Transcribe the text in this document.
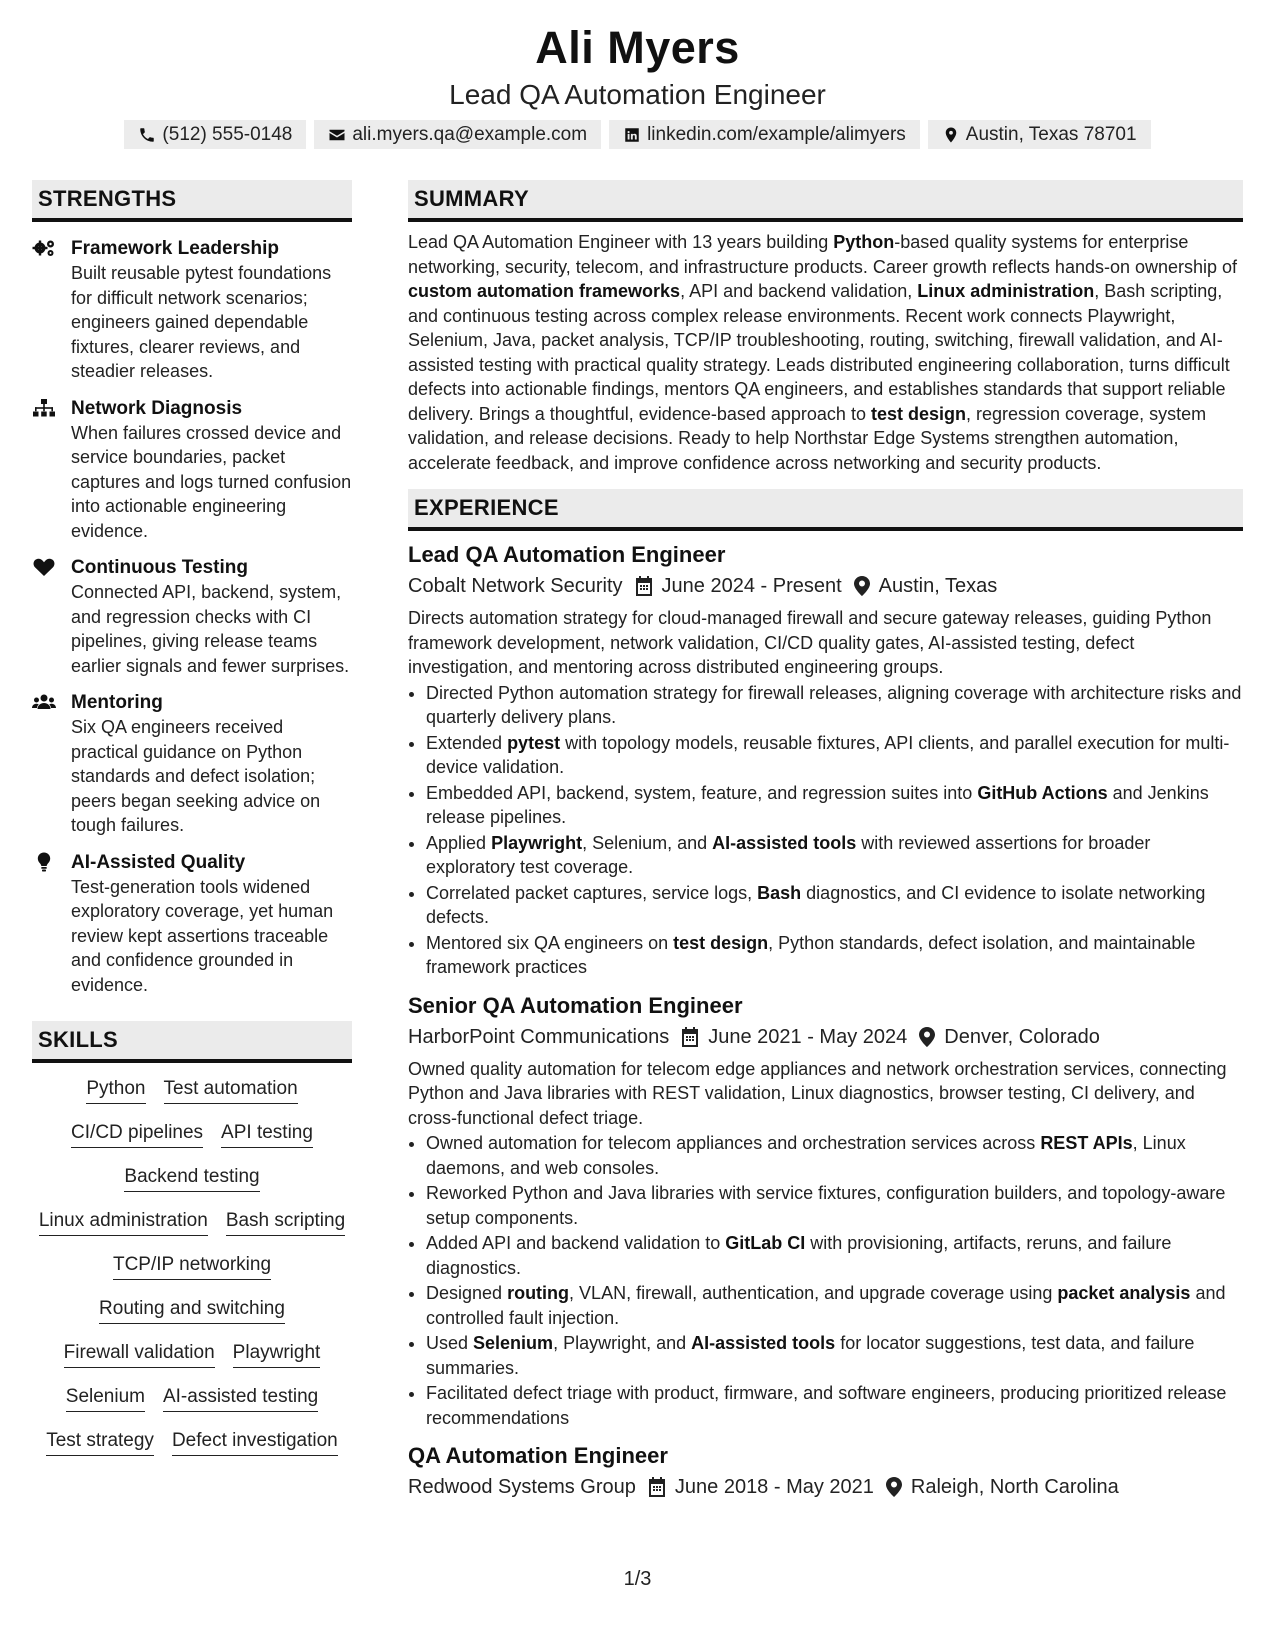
Ali Myers
Lead QA Automation Engineer
(512) 555-0148	ali.myers.qa@example.com	linkedin.com/example/alimyers	Austin, Texas 78701
STRENGTHS
Framework Leadership
Built reusable pytest foundations for difficult network scenarios; engineers gained dependable fixtures, clearer reviews, and steadier releases.
Network Diagnosis
When failures crossed device and service boundaries, packet captures and logs turned confusion into actionable engineering evidence.
Continuous Testing
Connected API, backend, system, and regression checks with CI pipelines, giving release teams earlier signals and fewer surprises.
Mentoring
Six QA engineers received practical guidance on Python standards and defect isolation; peers began seeking advice on tough failures.
AI-Assisted Quality
Test-generation tools widened exploratory coverage, yet human review kept assertions traceable and confidence grounded in evidence.
SKILLS
Python Test automation
CI/CD pipelines API testing
Backend testing
Linux administration Bash scripting
TCP/IP networking
Routing and switching
Firewall validation Playwright
Selenium AI-assisted testing
Test strategy Defect investigation
SUMMARY

Lead QA Automation Engineer with 13 years building Python-based quality systems for enterprise networking, security, telecom, and infrastructure products. Career growth reflects hands-on ownership of custom automation frameworks, API and backend validation, Linux administration, Bash scripting, and continuous testing across complex release environments. Recent work connects Playwright, Selenium, Java, packet analysis, TCP/IP troubleshooting, routing, switching, firewall validation, and AI-assisted testing with practical quality strategy. Leads distributed engineering collaboration, turns difficult defects into actionable findings, mentors QA engineers, and establishes standards that support reliable delivery. Brings a thoughtful, evidence-based approach to test design, regression coverage, system validation, and release decisions. Ready to help Northstar Edge Systems strengthen automation, accelerate feedback, and improve confidence across networking and security products.

EXPERIENCE
Lead QA Automation Engineer
Cobalt Network Security June 2024 - Present Austin, Texas

Directs automation strategy for cloud-managed firewall and secure gateway releases, guiding Python framework development, network validation, CI/CD quality gates, AI-assisted testing, defect investigation, and mentoring across distributed engineering groups.

• Directed Python automation strategy for firewall releases, aligning coverage with architecture risks and quarterly delivery plans.
• Extended pytest with topology models, reusable fixtures, API clients, and parallel execution for multi-device validation.
• Embedded API, backend, system, feature, and regression suites into GitHub Actions and Jenkins release pipelines.
• Applied Playwright, Selenium, and AI-assisted tools with reviewed assertions for broader exploratory test coverage.
• Correlated packet captures, service logs, Bash diagnostics, and CI evidence to isolate networking defects.
• Mentored six QA engineers on test design, Python standards, defect isolation, and maintainable framework practices
Senior QA Automation Engineer
HarborPoint Communications June 2021 - May 2024 Denver, Colorado

Owned quality automation for telecom edge appliances and network orchestration services, connecting Python and Java libraries with REST validation, Linux diagnostics, browser testing, CI delivery, and cross-functional defect triage.

• Owned automation for telecom appliances and orchestration services across REST APIs, Linux daemons, and web consoles.
• Reworked Python and Java libraries with service fixtures, configuration builders, and topology-aware setup components.
• Added API and backend validation to GitLab CI with provisioning, artifacts, reruns, and failure diagnostics.
• Designed routing, VLAN, firewall, authentication, and upgrade coverage using packet analysis and controlled fault injection.
• Used Selenium, Playwright, and AI-assisted tools for locator suggestions, test data, and failure summaries.
• Facilitated defect triage with product, firmware, and software engineers, producing prioritized release recommendations
QA Automation Engineer
Redwood Systems Group June 2018 - May 2021 Raleigh, North Carolina
1/3
